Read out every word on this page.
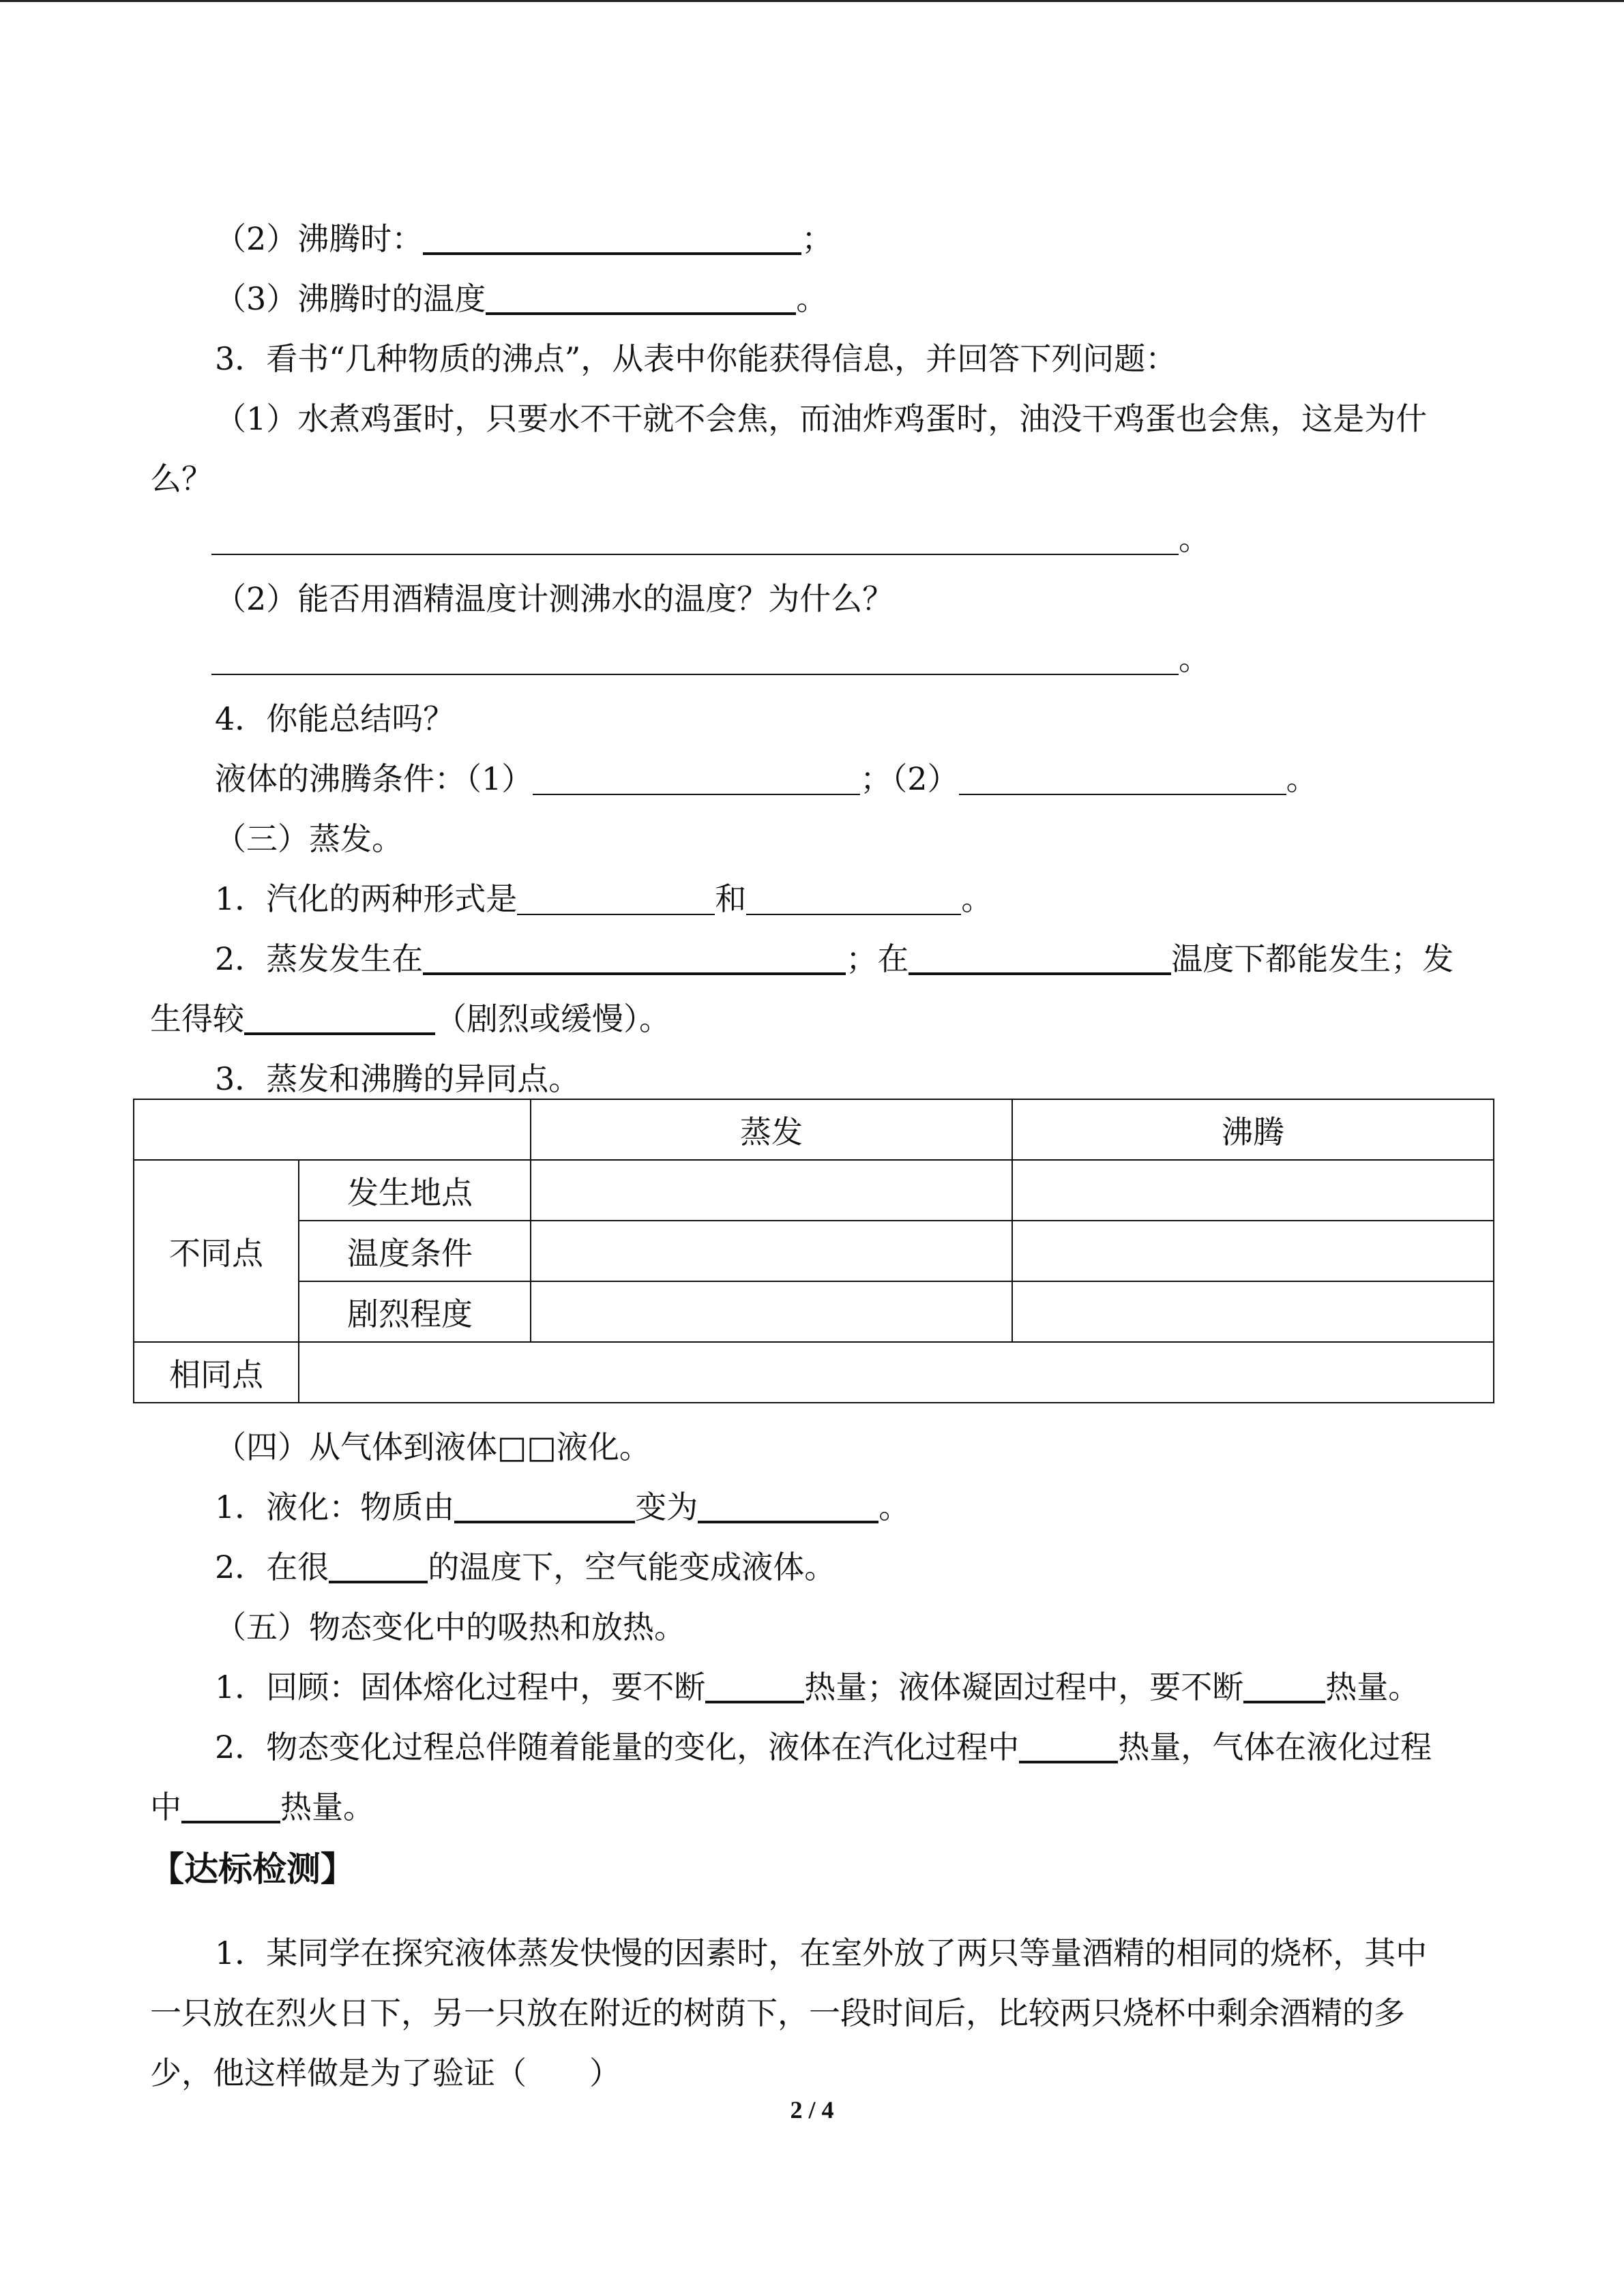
（2）沸腾时：	；
（3）沸腾时的温度	。
3．看书“几种物质的沸点”，从表中你能获得信息，并回答下列问题：
（1）水煮鸡蛋时，只要水不干就不会焦，而油炸鸡蛋时，油没干鸡蛋也会焦，这是为什
么？
。
（2）能否用酒精温度计测沸水的温度？为什么？
。
4．你能总结吗？
液体的沸腾条件：（1）	；（2）	。
（三）蒸发。
1．汽化的两种形式是	和	。
2．蒸发发生在	；在	温度下都能发生；发
生得较	（剧烈或缓慢）。
3．蒸发和沸腾的异同点。
		蒸发	沸腾
不同点	发生地点		
	温度条件		
	剧烈程度		
相同点			
（四）从气体到液体□□液化。
1．液化：物质由	变为	。
2．在很	的温度下，空气能变成液体。
（五）物态变化中的吸热和放热。
1．回顾：固体熔化过程中，要不断	热量；液体凝固过程中，要不断	热量。
2．物态变化过程总伴随着能量的变化，液体在汽化过程中	热量，气体在液化过程
中	热量。
【达标检测】
1．某同学在探究液体蒸发快慢的因素时，在室外放了两只等量酒精的相同的烧杯，其中
一只放在烈火日下，另一只放在附近的树荫下，一段时间后，比较两只烧杯中剩余酒精的多
少，他这样做是为了验证（　　）
2 / 4
